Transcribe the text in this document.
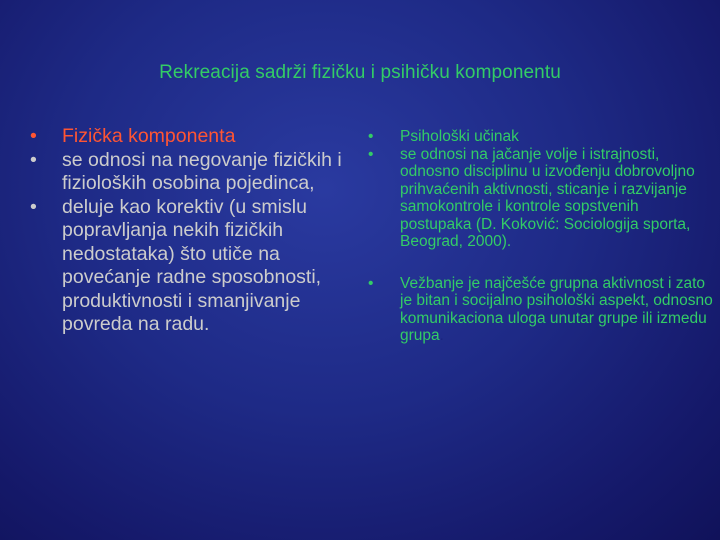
Rekreacija sadrži fizičku i psihičku komponentu
• Fizička komponenta
• se odnosi na negovanje fizičkih i fizioloških osobina pojedinca,
• deluje kao korektiv (u smislu popravljanja nekih fizičkih nedostataka) što utiče na povećanje radne sposobnosti, produktivnosti i smanjivanje povreda na radu.
• Psihološki učinak
• se odnosi na jačanje volje i istrajnosti, odnosno disciplinu u izvođenju dobrovoljno prihvaćenih aktivnosti, sticanje i razvijanje samokontrole i kontrole sopstvenih postupaka (D. Koković: Sociologija sporta, Beograd, 2000).
• Vežbanje je najčešće grupna aktivnost i zato je bitan i socijalno psihološki aspekt, odnosno komunikaciona uloga unutar grupe ili izmedu grupa.
